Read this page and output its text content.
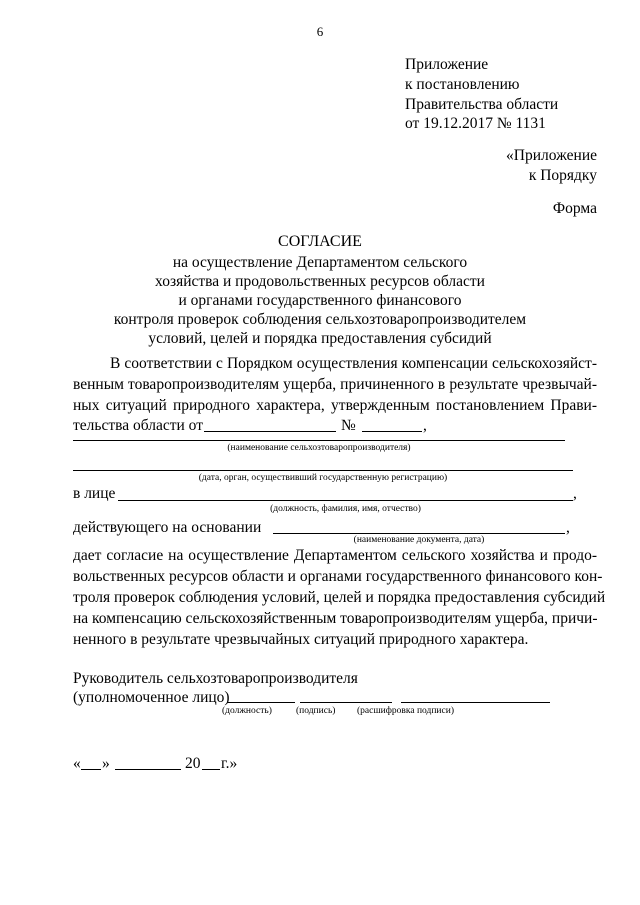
6
Приложение
к постановлению
Правительства области
от 19.12.2017 № 1131
«Приложение
к Порядку
Форма
СОГЛАСИЕ
на осуществление Департаментом сельского
хозяйства и продовольственных ресурсов области
и органами государственного финансового
контроля проверок соблюдения сельхозтоваропроизводителем
условий, целей и порядка предоставления субсидий
В соответствии с Порядком осуществления компенсации сельскохозяйст-
венным товаропроизводителям ущерба, причиненного в результате чрезвычай-
ных ситуаций природного характера, утвержденным постановлением Прави-
тельства области от	№	,
(наименование сельхозтоваропроизводителя)
(дата, орган, осуществивший государственную регистрацию)
в лице	,
(должность, фамилия, имя, отчество)
действующего на основании	,
(наименование документа, дата)
дает согласие на осуществление Департаментом сельского хозяйства и продо-
вольственных ресурсов области и органами государственного финансового кон-
троля проверок соблюдения условий, целей и порядка предоставления субсидий
на компенсацию сельскохозяйственным товаропроизводителям ущерба, причи-
ненного в результате чрезвычайных ситуаций природного характера.
Руководитель сельхозтоваропроизводителя
(уполномоченное лицо)
(должность)	(подпись) (расшифровка подписи)
« »	20 г.»
